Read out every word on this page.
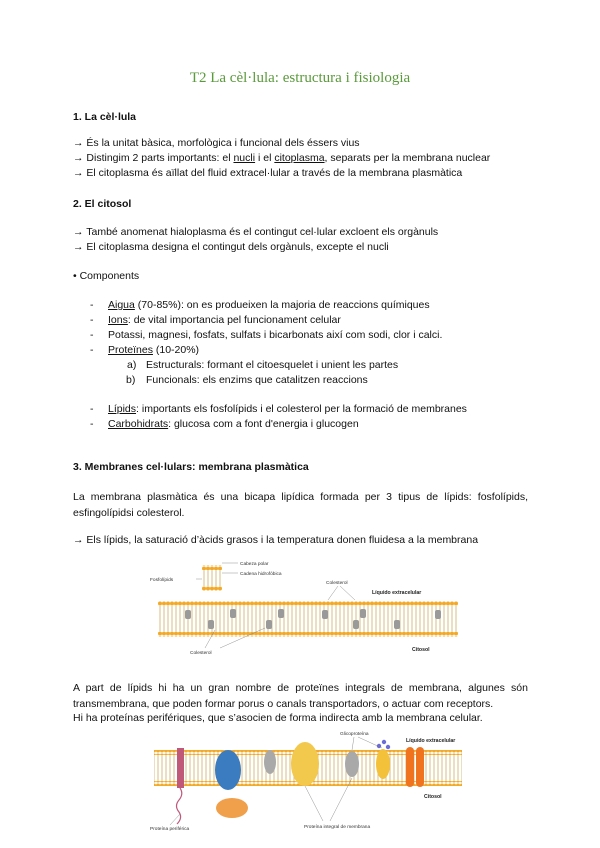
T2 La cèl·lula: estructura i fisiologia
1. La cèl·lula
→ És la unitat bàsica, morfològica i funcional dels éssers vius
→ Distingim 2 parts importants: el nucli i el citoplasma, separats per la membrana nuclear
→ El citoplasma és aïllat del fluid extracel·lular a través de la membrana plasmàtica
2. El citosol
→ També anomenat hialoplasma és el contingut cel·lular excloent els orgànuls
→ El citoplasma designa el contingut dels orgànuls, excepte el nucli
• Components
- Aigua (70-85%): on es produeixen la majoria de reaccions químiques
- Ions: de vital importancia pel funcionament celular
- Potassi, magnesi, fosfats, sulfats i bicarbonats així com sodi, clor i calci.
- Proteïnes (10-20%)
a) Estructurals: formant el citoesquelet i unient les partes
b) Funcionals: els enzims que catalitzen reaccions
- Lípids: importants els fosfolípids i el colesterol per la formació de membranes
- Carbohidrats: glucosa com a font d'energia i glucogen
3. Membranes cel·lulars: membrana plasmàtica
La membrana plasmàtica és una bicapa lipídica formada per 3 tipus de lípids: fosfolípids, esfingolípidsi colesterol.
→ Els lípids, la saturació d’àcids grasos i la temperatura donen fluidesa a la membrana
Fosfolípids
Cabeza polar
Cadena hidrofóbica
Colesterol
Líquido extracelular
Colesterol
Citosol
A part de lípids hi ha un gran nombre de proteïnes integrals de membrana, algunes són transmembrana, que poden formar porus o canals transportadors, o actuar com receptors.
Hi ha proteínas perifériques, que s’asocien de forma indirecta amb la membrana celular.
Glicoproteína
Líquido extracelular
Citosol
Proteína periférica	Proteína integral de membrana
